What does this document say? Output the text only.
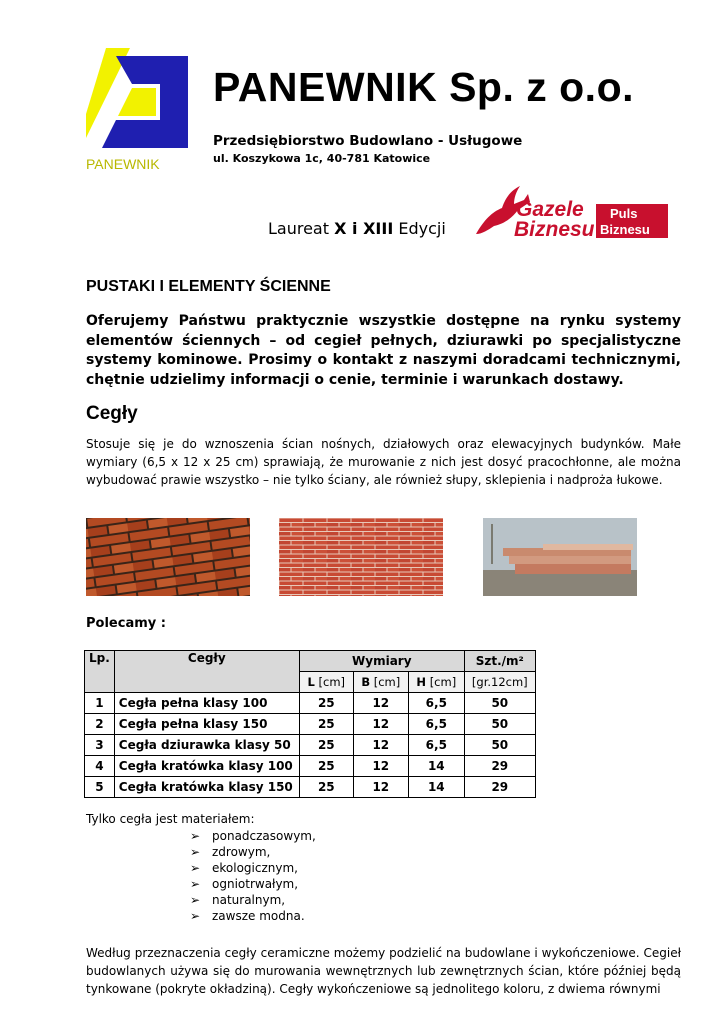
PANEWNIK
PANEWNIK Sp. z o.o.
Przedsiębiorstwo Budowlano - Usługowe
ul. Koszykowa 1c, 40-781 Katowice
Laureat X i XIII Edycji
Gazele
Biznesu
Puls
Biznesu
PUSTAKI I ELEMENTY ŚCIENNE
Oferujemy Państwu praktycznie wszystkie dostępne na rynku systemy elementów ściennych – od cegieł pełnych, dziurawki po specjalistyczne systemy kominowe. Prosimy o kontakt z naszymi doradcami technicznymi, chętnie udzielimy informacji o cenie, terminie i warunkach dostawy.
Cegły
Stosuje się je do wznoszenia ścian nośnych, działowych oraz elewacyjnych budynków. Małe wymiary (6,5 x 12 x 25 cm) sprawiają, że murowanie z nich jest dosyć pracochłonne, ale można wybudować prawie wszystko – nie tylko ściany, ale również słupy, sklepienia i nadproża łukowe.
Polecamy :
Lp.	Cegły	Wymiary			Szt./m²
		L [cm]	B [cm]	H [cm]	[gr.12cm]
1	Cegła pełna klasy 100	25	12	6,5	50
2	Cegła pełna klasy 150	25	12	6,5	50
3	Cegła dziurawka klasy 50	25	12	6,5	50
4	Cegła kratówka klasy 100	25	12	14	29
5	Cegła kratówka klasy 150	25	12	14	29
Tylko cegła jest materiałem:
➢ ponadczasowym,
➢ zdrowym,
➢ ekologicznym,
➢ ogniotrwałym,
➢ naturalnym,
➢ zawsze modna.
Według przeznaczenia cegły ceramiczne możemy podzielić na budowlane i wykończeniowe. Cegieł budowlanych używa się do murowania wewnętrznych lub zewnętrznych ścian, które później będą tynkowane (pokryte okładziną). Cegły wykończeniowe są jednolitego koloru, z dwiema równymi
